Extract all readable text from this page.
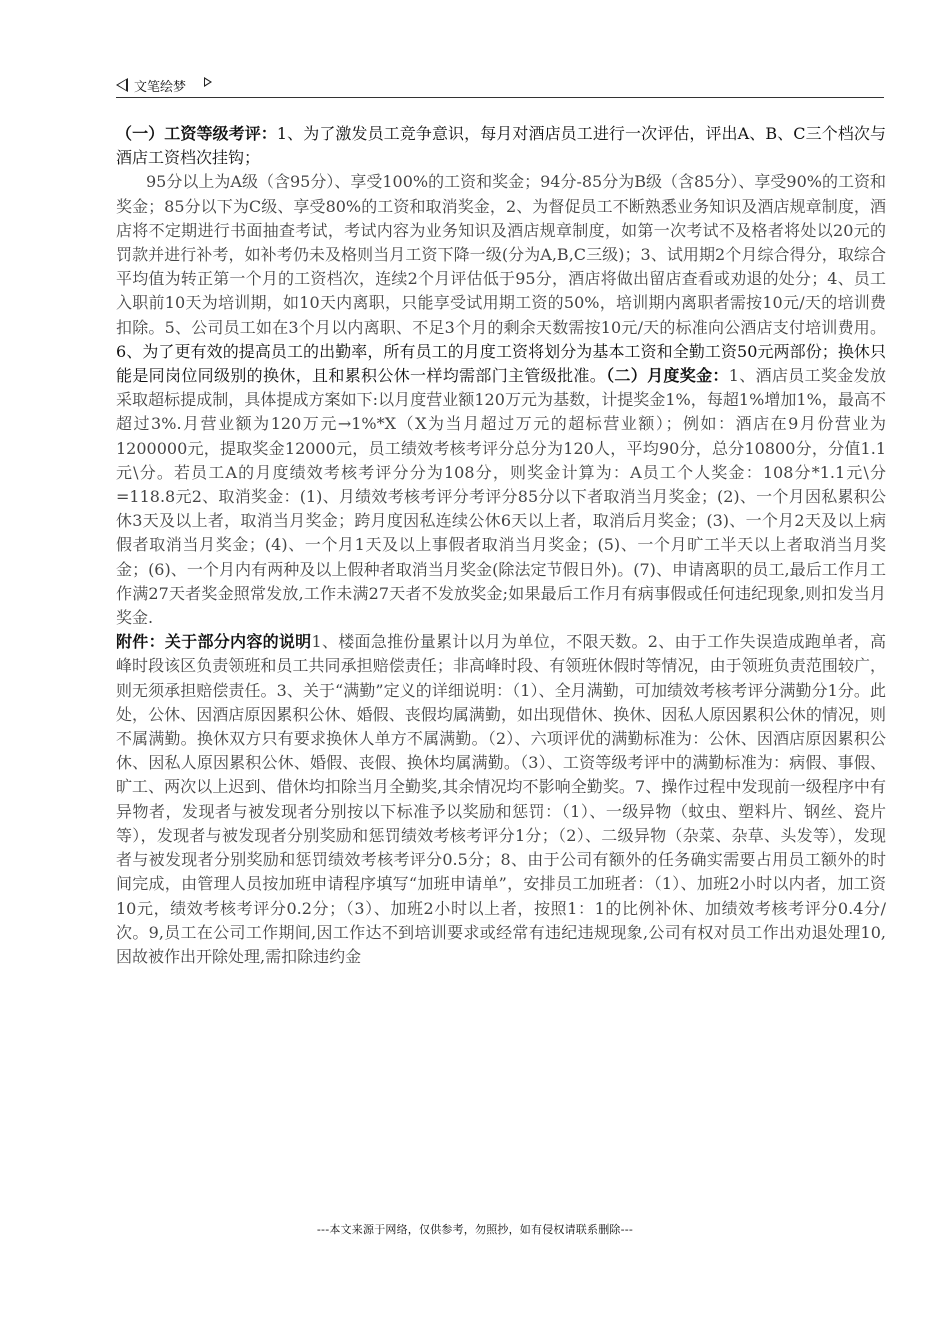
文笔绘梦

（一）工资等级考评：1、为了激发员工竞争意识，每月对酒店员工进行一次评估，评出A、B、C三个档次与酒店工资档次挂钩；

95分以上为A级（含95分）、享受100%的工资和奖金；94分-85分为B级（含85分）、享受90%的工资和奖金；85分以下为C级、享受80%的工资和取消奖金，2、为督促员工不断熟悉业务知识及酒店规章制度，酒店将不定期进行书面抽查考试，考试内容为业务知识及酒店规章制度，如第一次考试不及格者将处以20元的罚款并进行补考，如补考仍未及格则当月工资下降一级(分为A,B,C三级)；3、试用期2个月综合得分，取综合平均值为转正第一个月的工资档次，连续2个月评估低于95分，酒店将做出留店查看或劝退的处分；4、员工入职前10天为培训期，如10天内离职，只能享受试用期工资的50%，培训期内离职者需按10元/天的培训费扣除。5、公司员工如在3个月以内离职、不足3个月的剩余天数需按10元/天的标准向公酒店支付培训费用。6、为了更有效的提高员工的出勤率，所有员工的月度工资将划分为基本工资和全勤工资50元两部份；换休只能是同岗位同级别的换休，且和累积公休一样均需部门主管级批准。（二）月度奖金：1、酒店员工奖金发放采取超标提成制，具体提成方案如下:以月度营业额120万元为基数，计提奖金1%，每超1%增加1%，最高不超过3%.月营业额为120万元→1%*X（X为当月超过万元的超标营业额）；例如：酒店在9月份营业为1200000元，提取奖金12000元，员工绩效考核考评分总分为120人，平均90分，总分10800分，分值1.1元\分。若员工A的月度绩效考核考评分分为108分，则奖金计算为：A员工个人奖金：108分*1.1元\分=118.8元2、取消奖金：(1)、月绩效考核考评分考评分85分以下者取消当月奖金；(2)、一个月因私累积公休3天及以上者，取消当月奖金；跨月度因私连续公休6天以上者，取消后月奖金；(3)、一个月2天及以上病假者取消当月奖金；(4)、一个月1天及以上事假者取消当月奖金；(5)、一个月旷工半天以上者取消当月奖金；(6)、一个月内有两种及以上假种者取消当月奖金(除法定节假日外)。(7)、申请离职的员工,最后工作月工作满27天者奖金照常发放,工作未满27天者不发放奖金;如果最后工作月有病事假或任何违纪现象,则扣发当月奖金.

附件：关于部分内容的说明1、楼面急推份量累计以月为单位，不限天数。2、由于工作失误造成跑单者，高峰时段该区负责领班和员工共同承担赔偿责任；非高峰时段、有领班休假时等情况，由于领班负责范围较广，则无须承担赔偿责任。3、关于“满勤”定义的详细说明：（1）、全月满勤，可加绩效考核考评分满勤分1分。此处，公休、因酒店原因累积公休、婚假、丧假均属满勤，如出现借休、换休、因私人原因累积公休的情况，则不属满勤。换休双方只有要求换休人单方不属满勤。（2）、六项评优的满勤标准为：公休、因酒店原因累积公休、因私人原因累积公休、婚假、丧假、换休均属满勤。（3）、工资等级考评中的满勤标准为：病假、事假、旷工、两次以上迟到、借休均扣除当月全勤奖,其余情况均不影响全勤奖。7、操作过程中发现前一级程序中有异物者，发现者与被发现者分别按以下标准予以奖励和惩罚：（1）、一级异物（蚊虫、塑料片、钢丝、瓷片等），发现者与被发现者分别奖励和惩罚绩效考核考评分1分；（2）、二级异物（杂菜、杂草、头发等），发现者与被发现者分别奖励和惩罚绩效考核考评分0.5分；8、由于公司有额外的任务确实需要占用员工额外的时间完成，由管理人员按加班申请程序填写“加班申请单”，安排员工加班者：（1）、加班2小时以内者，加工资10元，绩效考核考评分0.2分；（3）、加班2小时以上者，按照1：1的比例补休、加绩效考核考评分0.4分/次。9,员工在公司工作期间,因工作达不到培训要求或经常有违纪违规现象,公司有权对员工作出劝退处理10,因故被作出开除处理,需扣除违约金

---本文来源于网络，仅供参考，勿照抄，如有侵权请联系删除---
